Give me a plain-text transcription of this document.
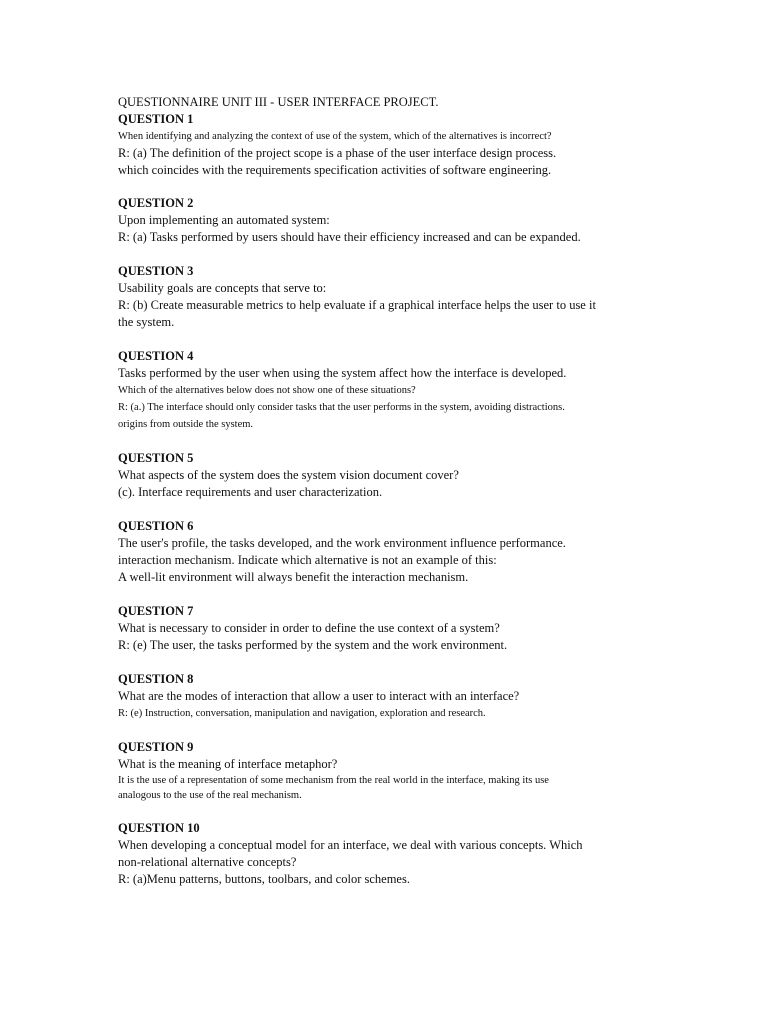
QUESTIONNAIRE UNIT III - USER INTERFACE PROJECT.

QUESTION 1

When identifying and analyzing the context of use of the system, which of the alternatives is incorrect?

R: (a) The definition of the project scope is a phase of the user interface design process.

which coincides with the requirements specification activities of software engineering.

QUESTION 2

Upon implementing an automated system:

R: (a) Tasks performed by users should have their efficiency increased and can be expanded.

QUESTION 3

Usability goals are concepts that serve to:

R: (b) Create measurable metrics to help evaluate if a graphical interface helps the user to use it

the system.

QUESTION 4

Tasks performed by the user when using the system affect how the interface is developed.

Which of the alternatives below does not show one of these situations?

R: (a.) The interface should only consider tasks that the user performs in the system, avoiding distractions.

origins from outside the system.

QUESTION 5

What aspects of the system does the system vision document cover?

(c). Interface requirements and user characterization.

QUESTION 6

The user's profile, the tasks developed, and the work environment influence performance.

interaction mechanism. Indicate which alternative is not an example of this:

A well-lit environment will always benefit the interaction mechanism.

QUESTION 7

What is necessary to consider in order to define the use context of a system?

R: (e) The user, the tasks performed by the system and the work environment.

QUESTION 8

What are the modes of interaction that allow a user to interact with an interface?

R: (e) Instruction, conversation, manipulation and navigation, exploration and research.

QUESTION 9

What is the meaning of interface metaphor?

It is the use of a representation of some mechanism from the real world in the interface, making its use

analogous to the use of the real mechanism.

QUESTION 10

When developing a conceptual model for an interface, we deal with various concepts. Which

non-relational alternative concepts?

R: (a)Menu patterns, buttons, toolbars, and color schemes.
